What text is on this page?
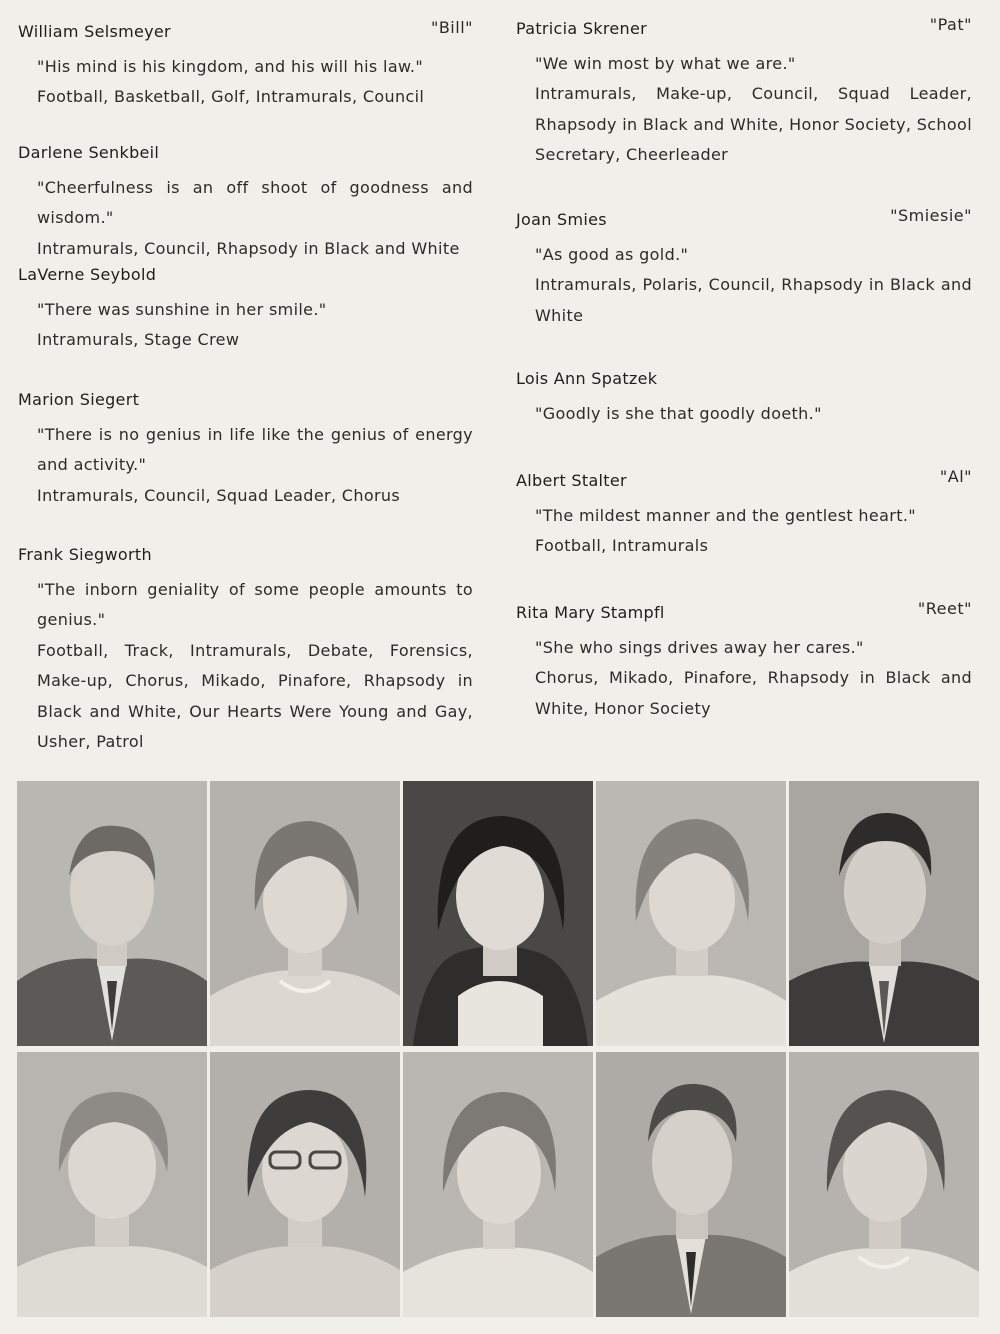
William Selsmeyer	"Bill"
"His mind is his kingdom, and his will his law."
Football, Basketball, Golf, Intramurals, Council
Darlene Senkbeil
"Cheerfulness is an off shoot of goodness and wisdom."
Intramurals, Council, Rhapsody in Black and White
LaVerne Seybold
"There was sunshine in her smile."
Intramurals, Stage Crew
Marion Siegert
"There is no genius in life like the genius of energy and activity."
Intramurals, Council, Squad Leader, Chorus
Frank Siegworth
"The inborn geniality of some people amounts to genius."
Football, Track, Intramurals, Debate, Forensics, Make-up, Chorus, Mikado, Pinafore, Rhapsody in Black and White, Our Hearts Were Young and Gay, Usher, Patrol
Patricia Skrener	"Pat"
"We win most by what we are."
Intramurals, Make-up, Council, Squad Leader, Rhapsody in Black and White, Honor Society, School Secretary, Cheerleader
Joan Smies	"Smiesie"
"As good as gold."
Intramurals, Polaris, Council, Rhapsody in Black and White
Lois Ann Spatzek
"Goodly is she that goodly doeth."
Albert Stalter	"Al"
"The mildest manner and the gentlest heart."
Football, Intramurals
Rita Mary Stampfl	"Reet"
"She who sings drives away her cares."
Chorus, Mikado, Pinafore, Rhapsody in Black and White, Honor Society
